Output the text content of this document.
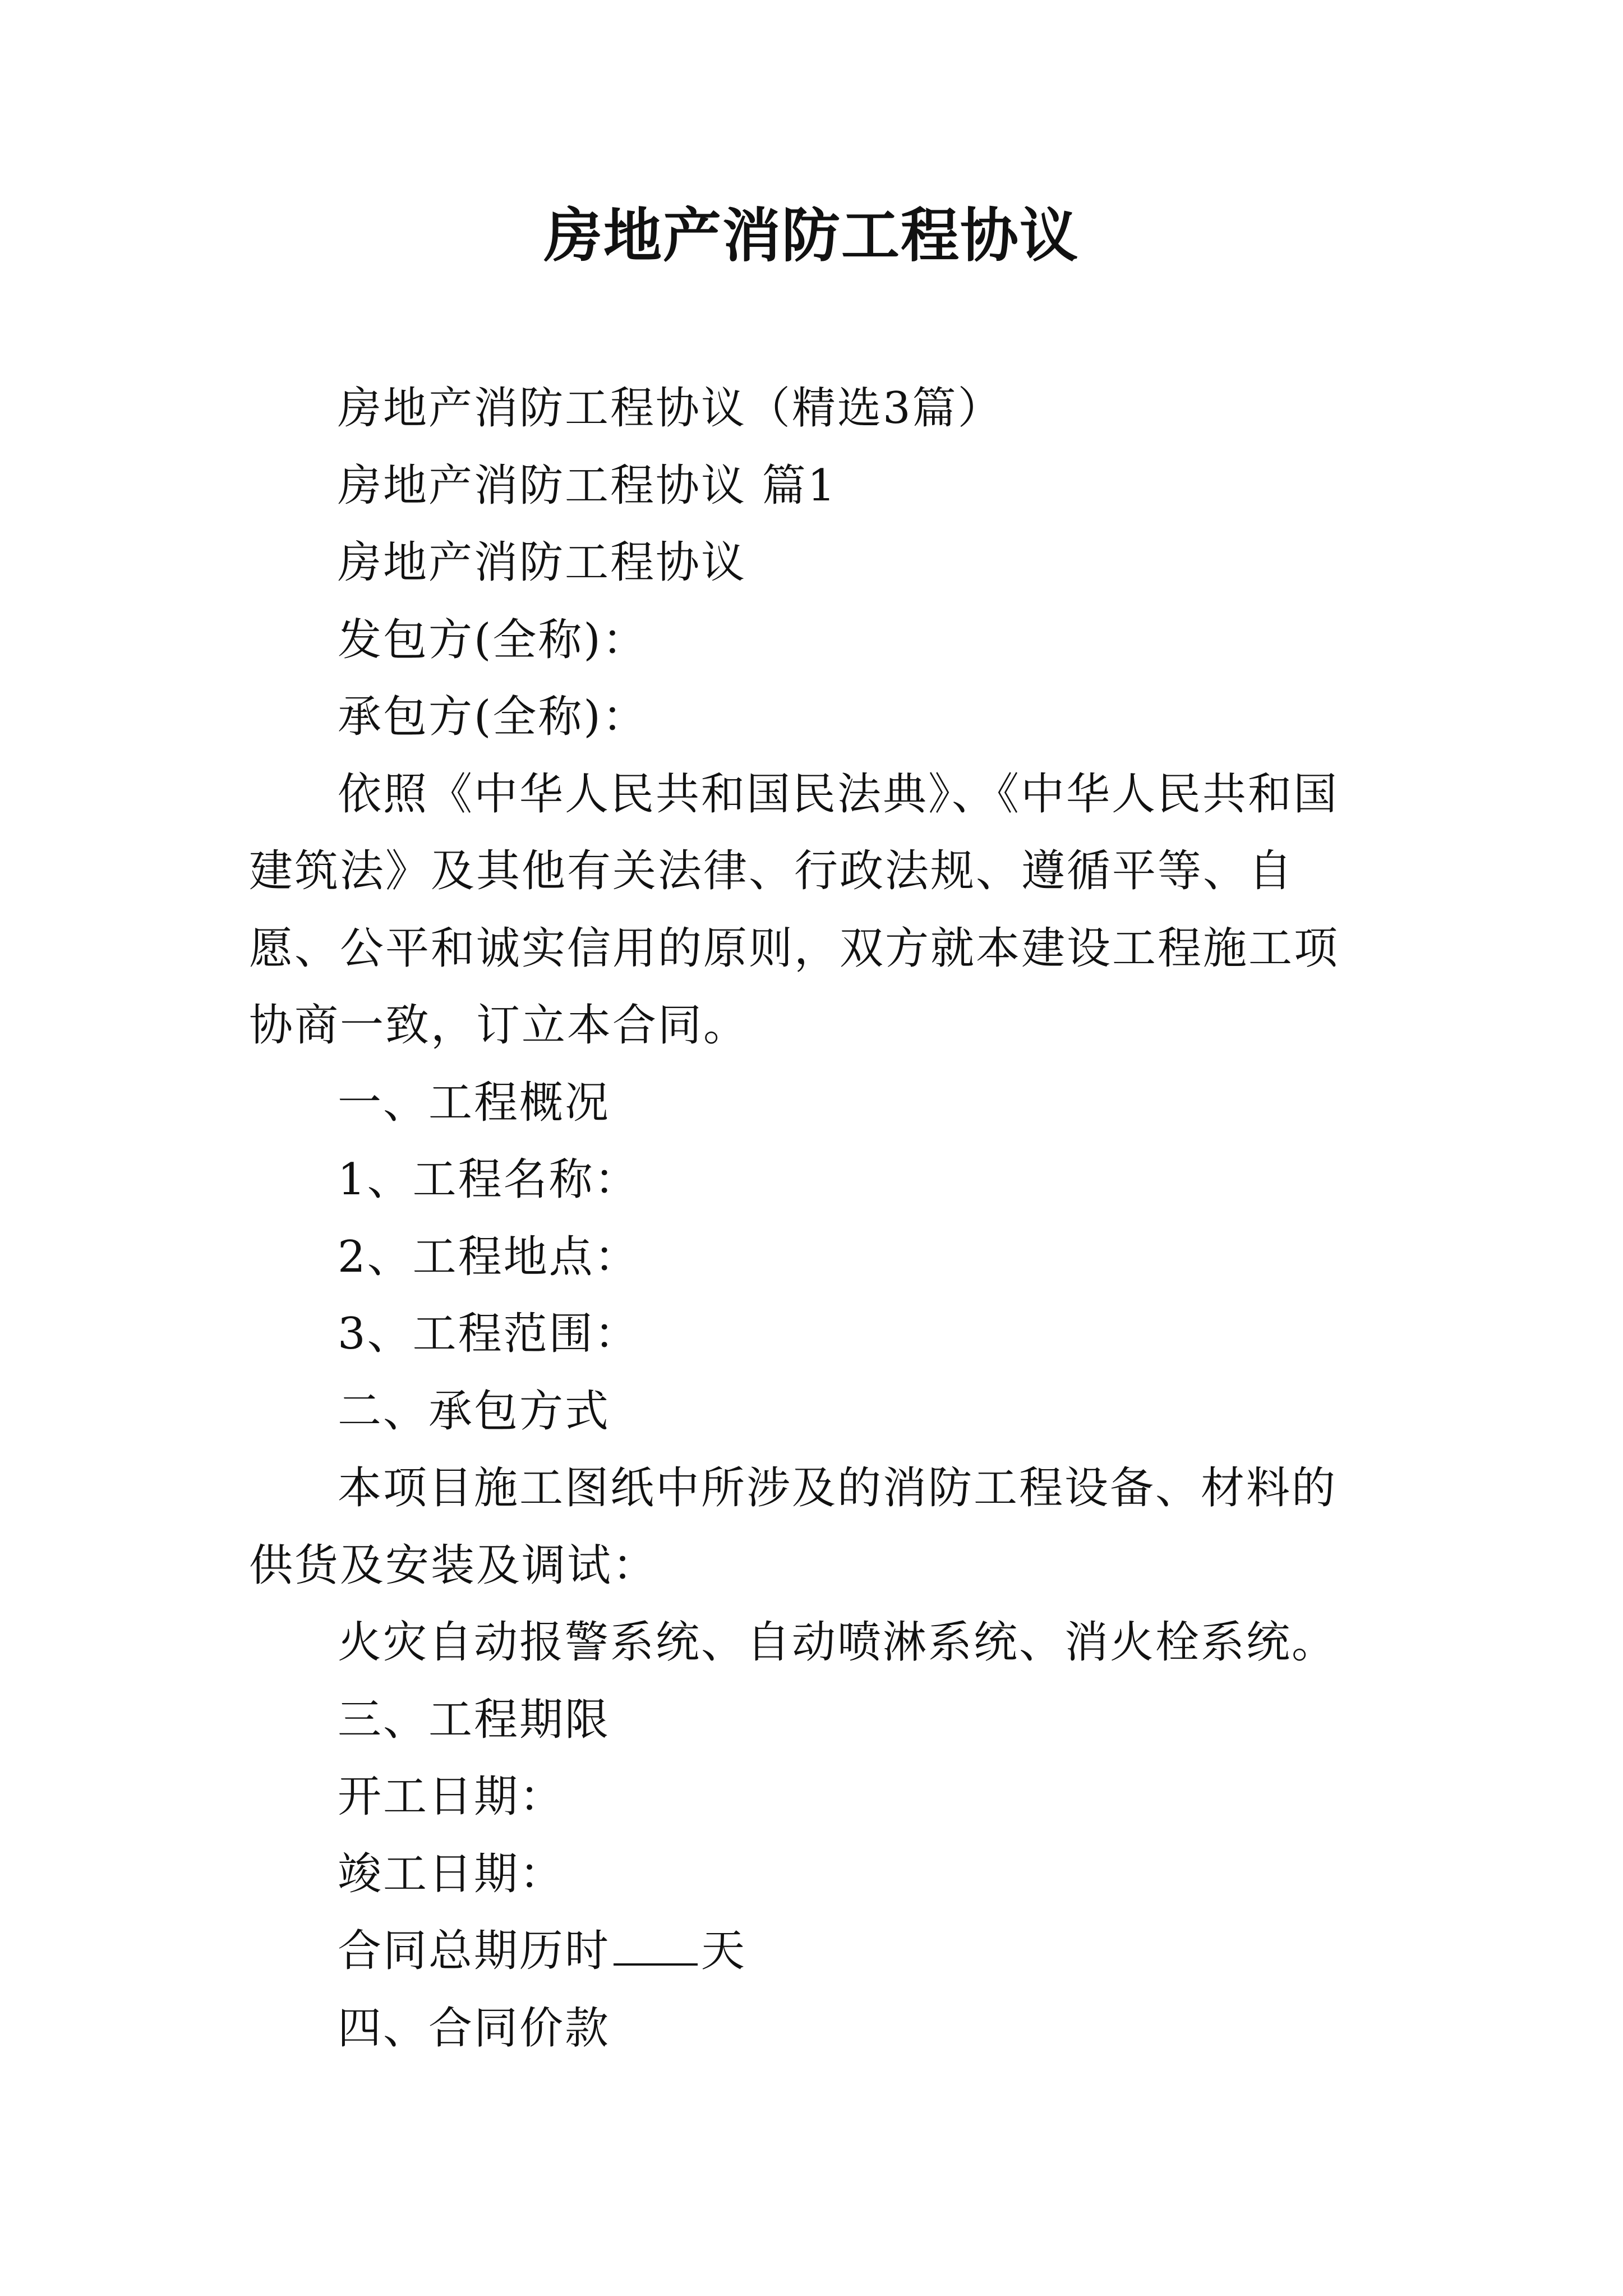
房地产消防工程协议

房地产消防工程协议（精选3篇）

房地产消防工程协议 篇1

房地产消防工程协议

发包方(全称)：

承包方(全称)：

依照《中华人民共和国民法典》、《中华人民共和国建筑法》及其他有关法律、行政法规、遵循平等、自愿、公平和诚实信用的原则，双方就本建设工程施工项协商一致，订立本合同。

一、工程概况

1、工程名称：

2、工程地点：

3、工程范围：

二、承包方式

本项目施工图纸中所涉及的消防工程设备、材料的供货及安装及调试：

火灾自动报警系统、自动喷淋系统、消火栓系统。

三、工程期限

开工日期：

竣工日期：

合同总期历时 天

四、合同价款
